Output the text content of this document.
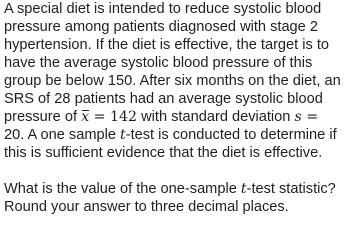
A special diet is intended to reduce systolic blood
pressure among patients diagnosed with stage 2
hypertension. If the diet is effective, the target is to
have the average systolic blood pressure of this
group be below 150. After six months on the diet, an
SRS of 28 patients had an average systolic blood
pressure of x = 142 with standard deviation s =
20. A one sample t-test is conducted to determine if
this is sufficient evidence that the diet is effective.
What is the value of the one-sample t-test statistic?
Round your answer to three decimal places.
